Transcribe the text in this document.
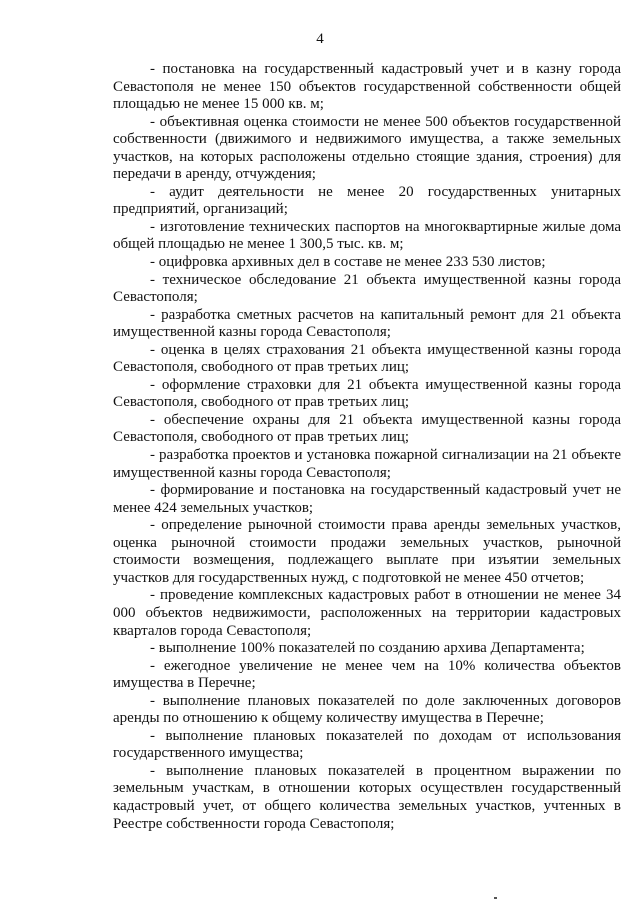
4

- постановка на государственный кадастровый учет и в казну города Севастополя не менее 150 объектов государственной собственности общей площадью не менее 15 000 кв. м;

- объективная оценка стоимости не менее 500 объектов государственной собственности (движимого и недвижимого имущества, а также земельных участков, на которых расположены отдельно стоящие здания, строения) для передачи в аренду, отчуждения;

- аудит деятельности не менее 20 государственных унитарных предприятий, организаций;

- изготовление технических паспортов на многоквартирные жилые дома общей площадью не менее 1 300,5 тыс. кв. м;

- оцифровка архивных дел в составе не менее 233 530 листов;

- техническое обследование 21 объекта имущественной казны города Севастополя;

- разработка сметных расчетов на капитальный ремонт для 21 объекта имущественной казны города Севастополя;

- оценка в целях страхования 21 объекта имущественной казны города Севастополя, свободного от прав третьих лиц;

- оформление страховки для 21 объекта имущественной казны города Севастополя, свободного от прав третьих лиц;

- обеспечение охраны для 21 объекта имущественной казны города Севастополя, свободного от прав третьих лиц;

- разработка проектов и установка пожарной сигнализации на 21 объекте имущественной казны города Севастополя;

- формирование и постановка на государственный кадастровый учет не менее 424 земельных участков;

- определение рыночной стоимости права аренды земельных участков, оценка рыночной стоимости продажи земельных участков, рыночной стоимости возмещения, подлежащего выплате при изъятии земельных участков для государственных нужд, с подготовкой не менее 450 отчетов;

- проведение комплексных кадастровых работ в отношении не менее 34 000 объектов недвижимости, расположенных на территории кадастровых кварталов города Севастополя;

- выполнение 100% показателей по созданию архива Департамента;

- ежегодное увеличение не менее чем на 10% количества объектов имущества в Перечне;

- выполнение плановых показателей по доле заключенных договоров аренды по отношению к общему количеству имущества в Перечне;

- выполнение плановых показателей по доходам от использования государственного имущества;

- выполнение плановых показателей в процентном выражении по земельным участкам, в отношении которых осуществлен государственный кадастровый учет, от общего количества земельных участков, учтенных в Реестре собственности города Севастополя;
